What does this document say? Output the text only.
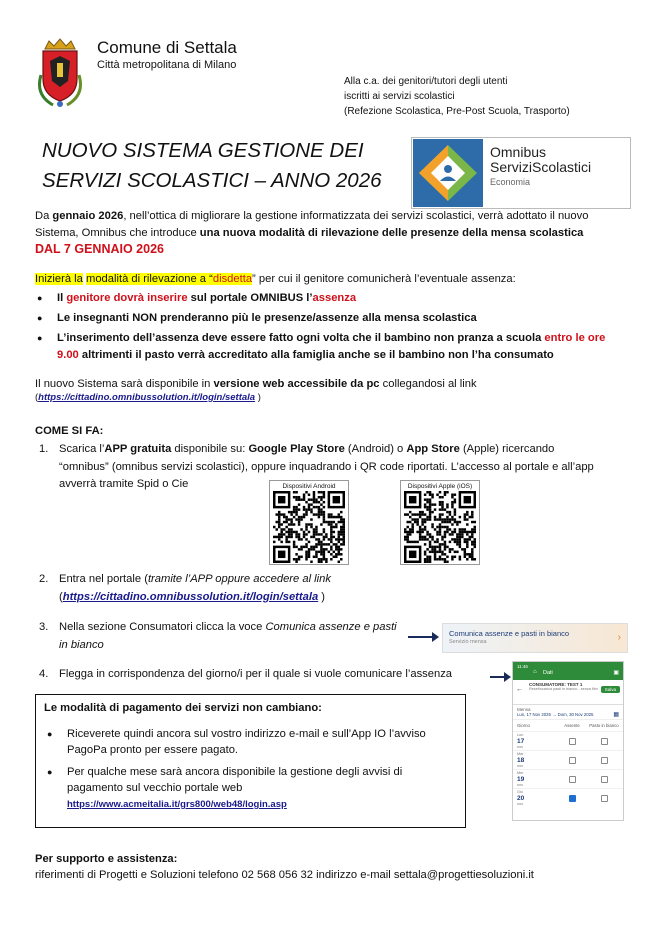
Comune di Settala
Città metropolitana di Milano
Alla c.a. dei genitori/tutori degli utenti
iscritti ai servizi scolastici
(Refezione Scolastica, Pre-Post Scuola, Trasporto)
NUOVO SISTEMA GESTIONE DEI
SERVIZI SCOLASTICI – ANNO 2026
Omnibus
ServiziScolastici
Economia
Da gennaio 2026, nell’ottica di migliorare la gestione informatizzata dei servizi scolastici, verrà adottato il nuovo Sistema, Omnibus che introduce una nuova modalità di rilevazione delle presenze della mensa scolastica DAL 7 GENNAIO 2026
Inizierà la modalità di rilevazione a “disdetta” per cui il genitore comunicherà l’eventuale assenza:
● Il genitore dovrà inserire sul portale OMNIBUS l’assenza
● Le insegnanti NON prenderanno più le presenze/assenze alla mensa scolastica
● L’inserimento dell’assenza deve essere fatto ogni volta che il bambino non pranza a scuola entro le ore 9.00 altrimenti il pasto verrà accreditato alla famiglia anche se il bambino non l’ha consumato
Il nuovo Sistema sarà disponibile in versione web accessibile da pc collegandosi al link
(https://cittadino.omnibussolution.it/login/settala )
COME SI FA:
1. Scarica l’APP gratuita disponibile su: Google Play Store (Android) o App Store (Apple) ricercando “omnibus” (omnibus servizi scolastici), oppure inquadrando i QR code riportati. L’accesso al portale e all’app avverrà tramite Spid o Cie	Dispositivi Android	Dispositivi Apple (iOS)
2. Entra nel portale (tramite l’APP oppure accedere al link
(https://cittadino.omnibussolution.it/login/settala )
3. Nella sezione Consumatori clicca la voce Comunica assenze e pasti in bianco
Comunica assenze e pasti in bianco
Servizio mensa	›
4. Flegga in corrispondenza del giorno/i per il quale si vuole comunicare l’assenza
11:46
Dati
⌂	▣
←
CONSUMATORE: TEST 1
Reset/scarica pasti in bianco - senza film	Salva
Mensa
Lun, 17 Nov 2025 → Dom, 30 Nov 2025	▦
Giorno	Assente	Pasto in bianco
Lun
17
nov
Mar
18
nov
Mer
19
nov
Gio
20
nov
Le modalità di pagamento dei servizi non cambiano:
● Riceverete quindi ancora sul vostro indirizzo e-mail e sull’App IO l’avviso PagoPa pronto per essere pagato.
● Per qualche mese sarà ancora disponibile la gestione degli avvisi di pagamento sul vecchio portale web
https://www.acmeitalia.it/grs800/web48/login.asp
Per supporto e assistenza:
riferimenti di Progetti e Soluzioni telefono 02 568 056 32 indirizzo e-mail settala@progettiesoluzioni.it
